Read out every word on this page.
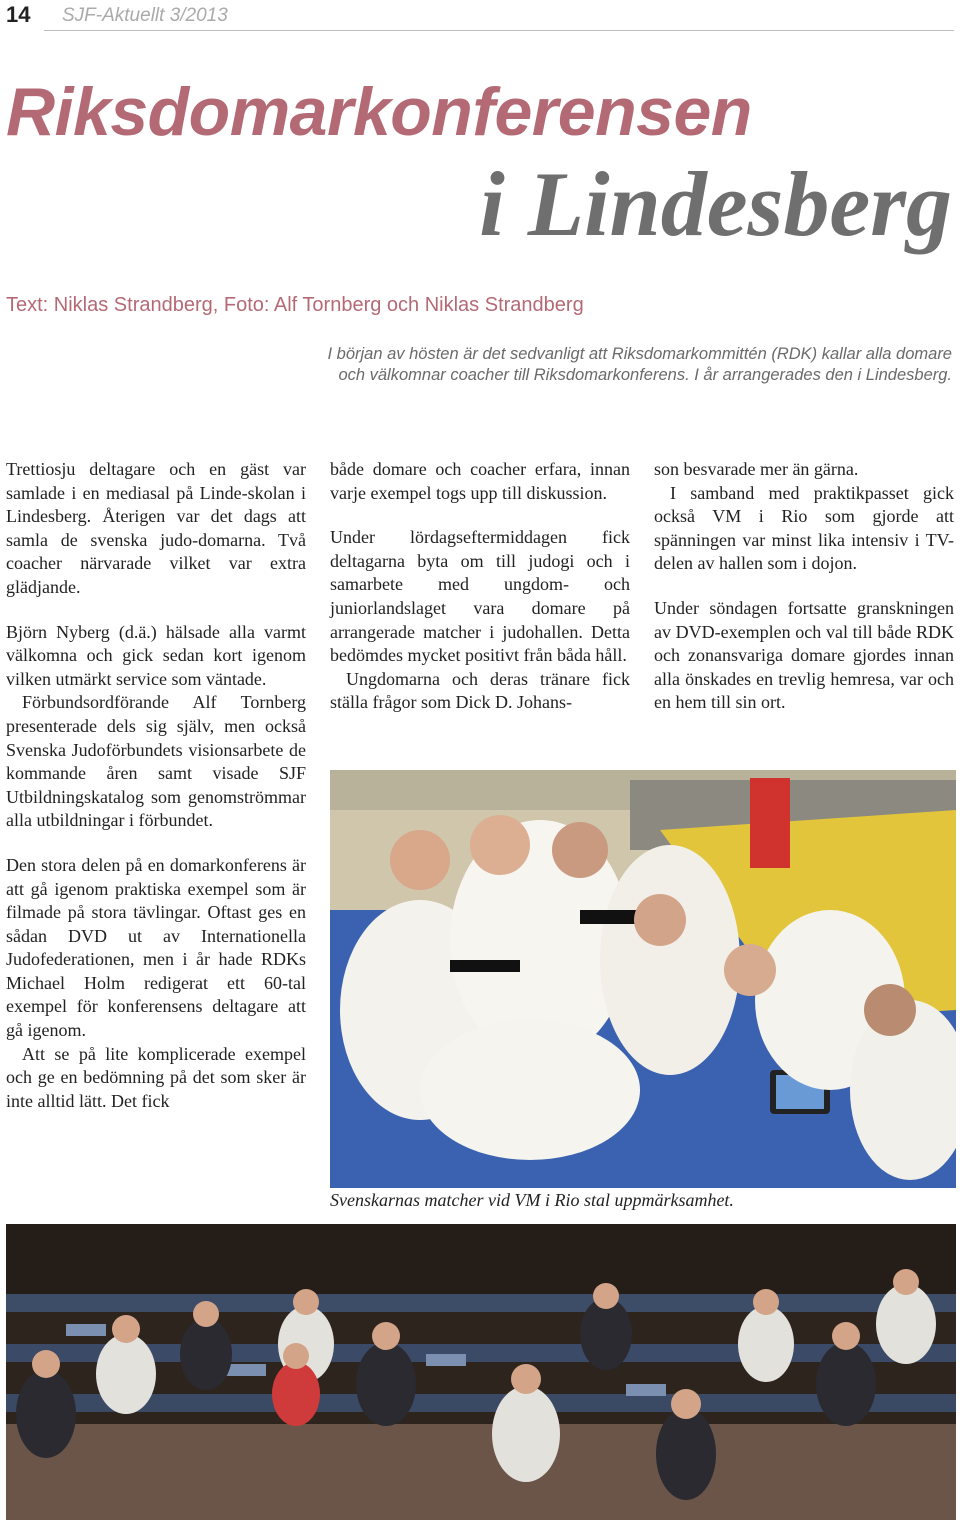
14 SJF-Aktuellt 3/2013
Riksdomarkonferensen
i Lindesberg
Text: Niklas Strandberg, Foto: Alf Tornberg och Niklas Strandberg
I början av hösten är det sedvanligt att Riksdomarkommittén (RDK) kallar alla domare
och välkomnar coacher till Riksdomarkonferens. I år arrangerades den i Lindesberg.

Trettiosju deltagare och en gäst var samlade i en mediasal på Linde-skolan i Lindesberg. Återigen var det dags att samla de svenska judo-domarna. Två coacher närvarade vilket var extra glädjande.

Björn Nyberg (d.ä.) hälsade alla varmt välkomna och gick sedan kort igenom vilken utmärkt service som väntade.

Förbundsordförande Alf Tornberg presenterade dels sig själv, men också Svenska Judoförbundets visionsarbete de kommande åren samt visade SJF Utbildningskatalog som genomströmmar alla utbildningar i förbundet.

Den stora delen på en domarkonferens är att gå igenom praktiska exempel som är filmade på stora tävlingar. Oftast ges en sådan DVD ut av Internationella Judofederationen, men i år hade RDKs Michael Holm redigerat ett 60-tal exempel för konferensens deltagare att gå igenom.

Att se på lite komplicerade exempel och ge en bedömning på det som sker är inte alltid lätt. Det fick

både domare och coacher erfara, innan varje exempel togs upp till diskussion.

Under lördagseftermiddagen fick deltagarna byta om till judogi och i samarbete med ungdom- och juniorlandslaget vara domare på arrangerade matcher i judohallen. Detta bedömdes mycket positivt från båda håll.

Ungdomarna och deras tränare fick ställa frågor som Dick D. Johans-

son besvarade mer än gärna.

I samband med praktikpasset gick också VM i Rio som gjorde att spänningen var minst lika intensiv i TV-delen av hallen som i dojon.

Under söndagen fortsatte granskningen av DVD-exemplen och val till både RDK och zonansvariga domare gjordes innan alla önskades en trevlig hemresa, var och en hem till sin ort.

Svenskarnas matcher vid VM i Rio stal uppmärksamhet.
